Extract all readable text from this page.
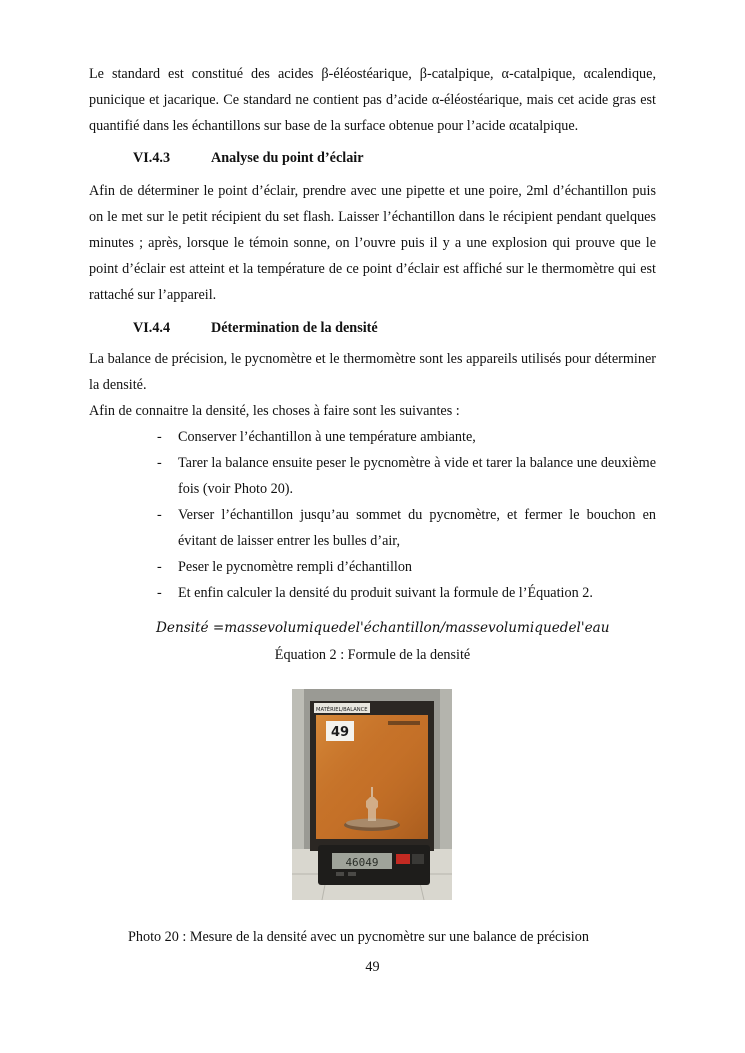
Le standard est constitué des acides β-éléostéarique, β-catalpique, α-catalpique, αcalendique, punicique et jacarique. Ce standard ne contient pas d’acide α-éléostéarique, mais cet acide gras est quantifié dans les échantillons sur base de la surface obtenue pour l’acide αcatalpique.

VI.4.3	Analyse du point d’éclair

Afin de déterminer le point d’éclair, prendre avec une pipette et une poire, 2ml d’échantillon puis on le met sur le petit récipient du set flash. Laisser l’échantillon dans le récipient pendant quelques minutes ; après, lorsque le témoin sonne, on l’ouvre puis il y a une explosion qui prouve que le point d’éclair est atteint et la température de ce point d’éclair est affiché sur le thermomètre qui est rattaché sur l’appareil.

VI.4.4	Détermination de la densité

La balance de précision, le pycnomètre et le thermomètre sont les appareils utilisés pour déterminer la densité.

Afin de connaitre la densité, les choses à faire sont les suivantes :

- Conserver l’échantillon à une température ambiante,
- Tarer la balance ensuite peser le pycnomètre à vide et tarer la balance une deuxième fois (voir Photo 20).
- Verser l’échantillon jusqu’au sommet du pycnomètre, et fermer le bouchon en évitant de laisser entrer les bulles d’air,
- Peser le pycnomètre rempli d’échantillon
- Et enfin calculer la densité du produit suivant la formule de l’Équation 2.
Densité =massevolumiquedel'échantillon/massevolumiquedel'eau
Équation 2 : Formule de la densité
MATÉRIEL/BALANCE
49
46049
Photo 20 : Mesure de la densité avec un pycnomètre sur une balance de précision
49
